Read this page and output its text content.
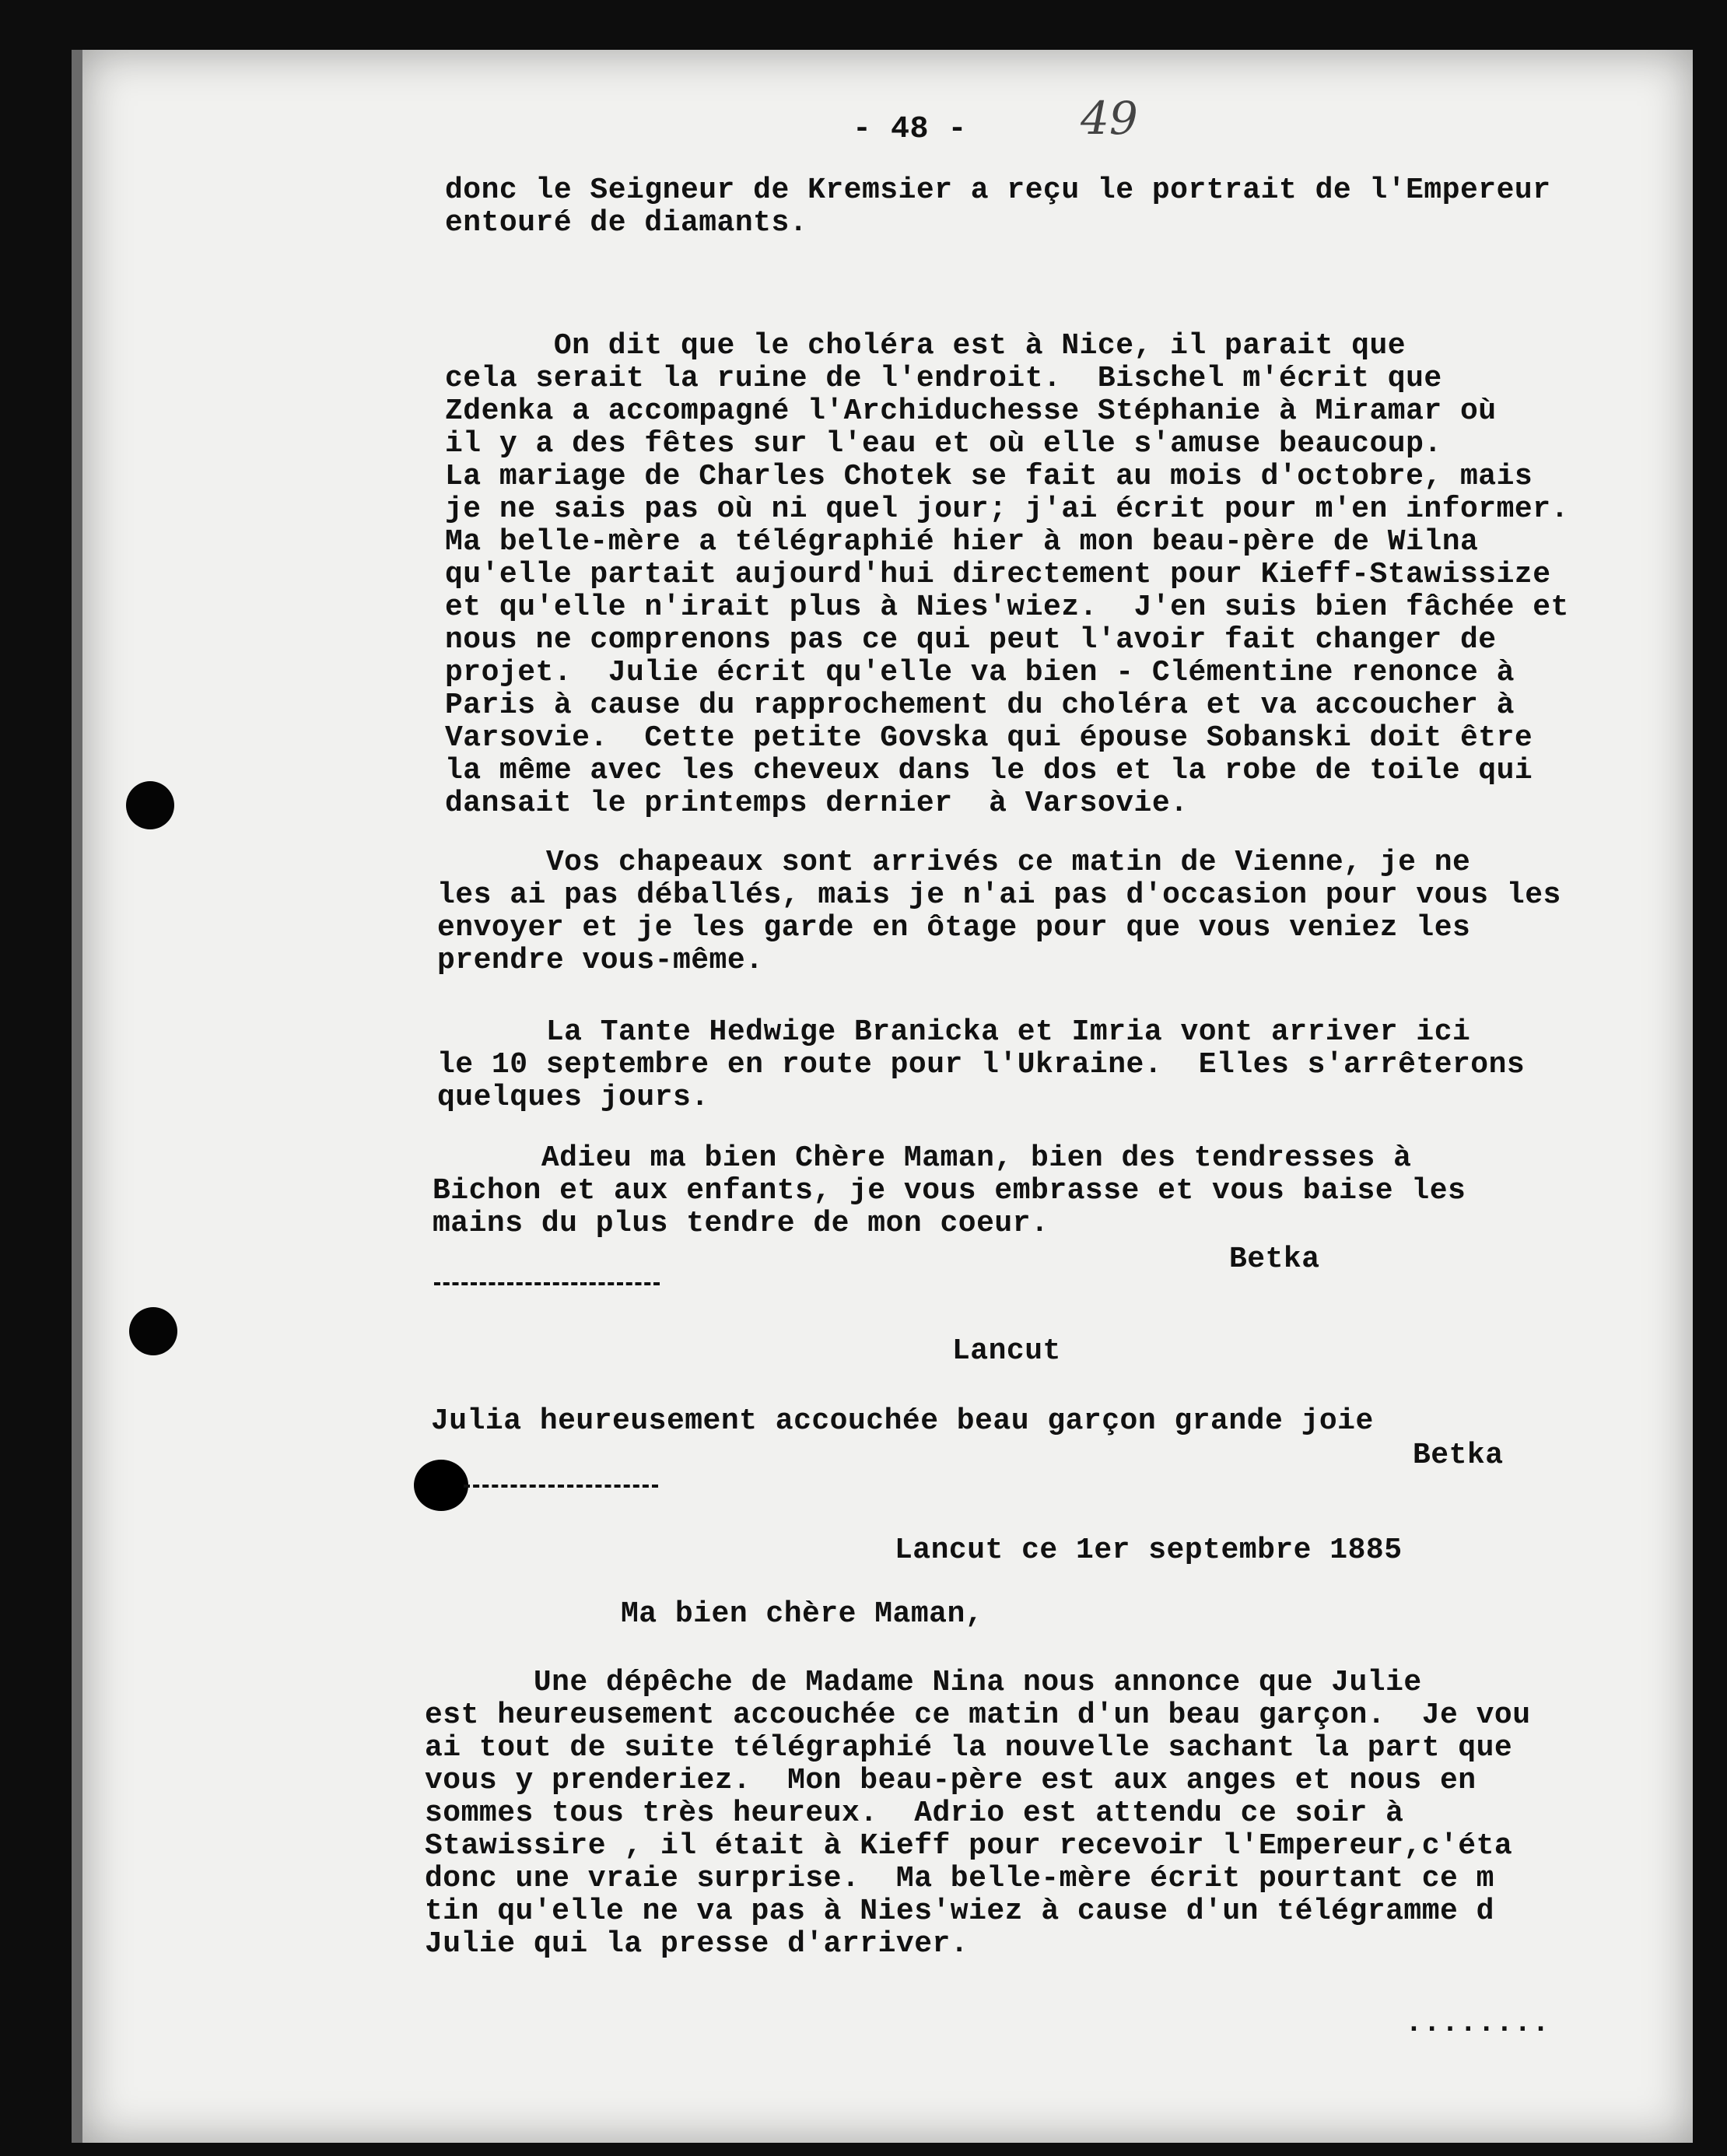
- 48 -	49
donc le Seigneur de Kremsier a reçu le portrait de l'Empereur
entouré de diamants.
On dit que le choléra est à Nice, il parait que
cela serait la ruine de l'endroit.  Bischel m'écrit que
Zdenka a accompagné l'Archiduchesse Stéphanie à Miramar où
il y a des fêtes sur l'eau et où elle s'amuse beaucoup.
La mariage de Charles Chotek se fait au mois d'octobre, mais
je ne sais pas où ni quel jour; j'ai écrit pour m'en informer.
Ma belle-mère a télégraphié hier à mon beau-père de Wilna
qu'elle partait aujourd'hui directement pour Kieff-Stawissize
et qu'elle n'irait plus à Nies'wiez.  J'en suis bien fâchée et
nous ne comprenons pas ce qui peut l'avoir fait changer de
projet.  Julie écrit qu'elle va bien - Clémentine renonce à
Paris à cause du rapprochement du choléra et va accoucher à
Varsovie.  Cette petite Govska qui épouse Sobanski doit être
la même avec les cheveux dans le dos et la robe de toile qui
dansait le printemps dernier  à Varsovie.
Vos chapeaux sont arrivés ce matin de Vienne, je ne
les ai pas déballés, mais je n'ai pas d'occasion pour vous les
envoyer et je les garde en ôtage pour que vous veniez les
prendre vous-même.
La Tante Hedwige Branicka et Imria vont arriver ici
le 10 septembre en route pour l'Ukraine.  Elles s'arrêterons
quelques jours.
Adieu ma bien Chère Maman, bien des tendresses à
Bichon et aux enfants, je vous embrasse et vous baise les
mains du plus tendre de mon coeur.
Betka
Lancut
Julia heureusement accouchée beau garçon grande joie
Betka
Lancut ce 1er septembre 1885
Ma bien chère Maman,
Une dépêche de Madame Nina nous annonce que Julie
est heureusement accouchée ce matin d'un beau garçon.  Je vou
ai tout de suite télégraphié la nouvelle sachant la part que
vous y prenderiez.  Mon beau-père est aux anges et nous en
sommes tous très heureux.  Adrio est attendu ce soir à
Stawissire , il était à Kieff pour recevoir l'Empereur,c'éta
donc une vraie surprise.  Ma belle-mère écrit pourtant ce m
tin qu'elle ne va pas à Nies'wiez à cause d'un télégramme d
Julie qui la presse d'arriver.
........
